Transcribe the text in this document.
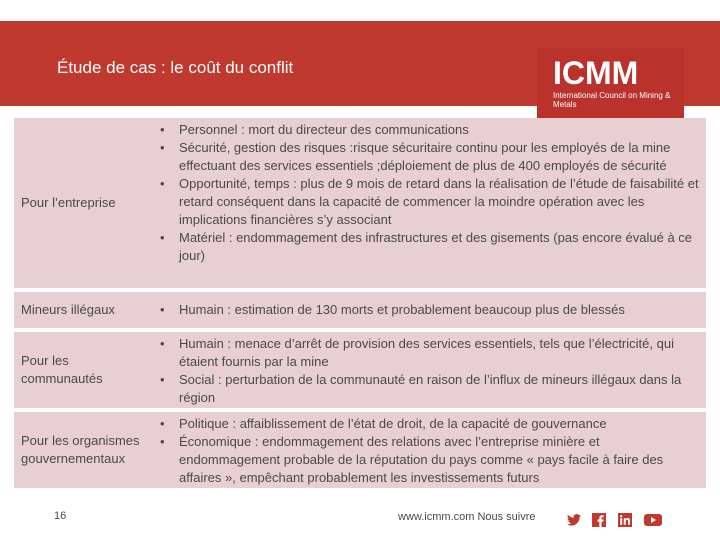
Étude de cas : le coût du conflit	ICMM
International Council on Mining & Metals
Pour l’entreprise
• Personnel : mort du directeur des communications
• Sécurité, gestion des risques :risque sécuritaire continu pour les employés de la mine effectuant des services essentiels ;déploiement de plus de 400 employés de sécurité
• Opportunité, temps : plus de 9 mois de retard dans la réalisation de l’étude de faisabilité et retard conséquent dans la capacité de commencer la moindre opération avec les implications financières s’y associant
• Matériel : endommagement des infrastructures et des gisements (pas encore évalué à ce jour)
Mineurs illégaux
•	Humain : estimation de 130 morts et probablement beaucoup plus de blessés
Pour les communautés
• Humain : menace d’arrêt de provision des services essentiels, tels que l’électricité, qui étaient fournis par la mine
• Social : perturbation de la communauté en raison de l’influx de mineurs illégaux dans la région
Pour les organismes gouvernementaux
• Politique : affaiblissement de l’état de droit, de la capacité de gouvernance
• Économique : endommagement des relations avec l’entreprise minière et endommagement probable de la réputation du pays comme « pays facile à faire des affaires », empêchant probablement les investissements futurs
16	www.icmm.com Nous suivre
